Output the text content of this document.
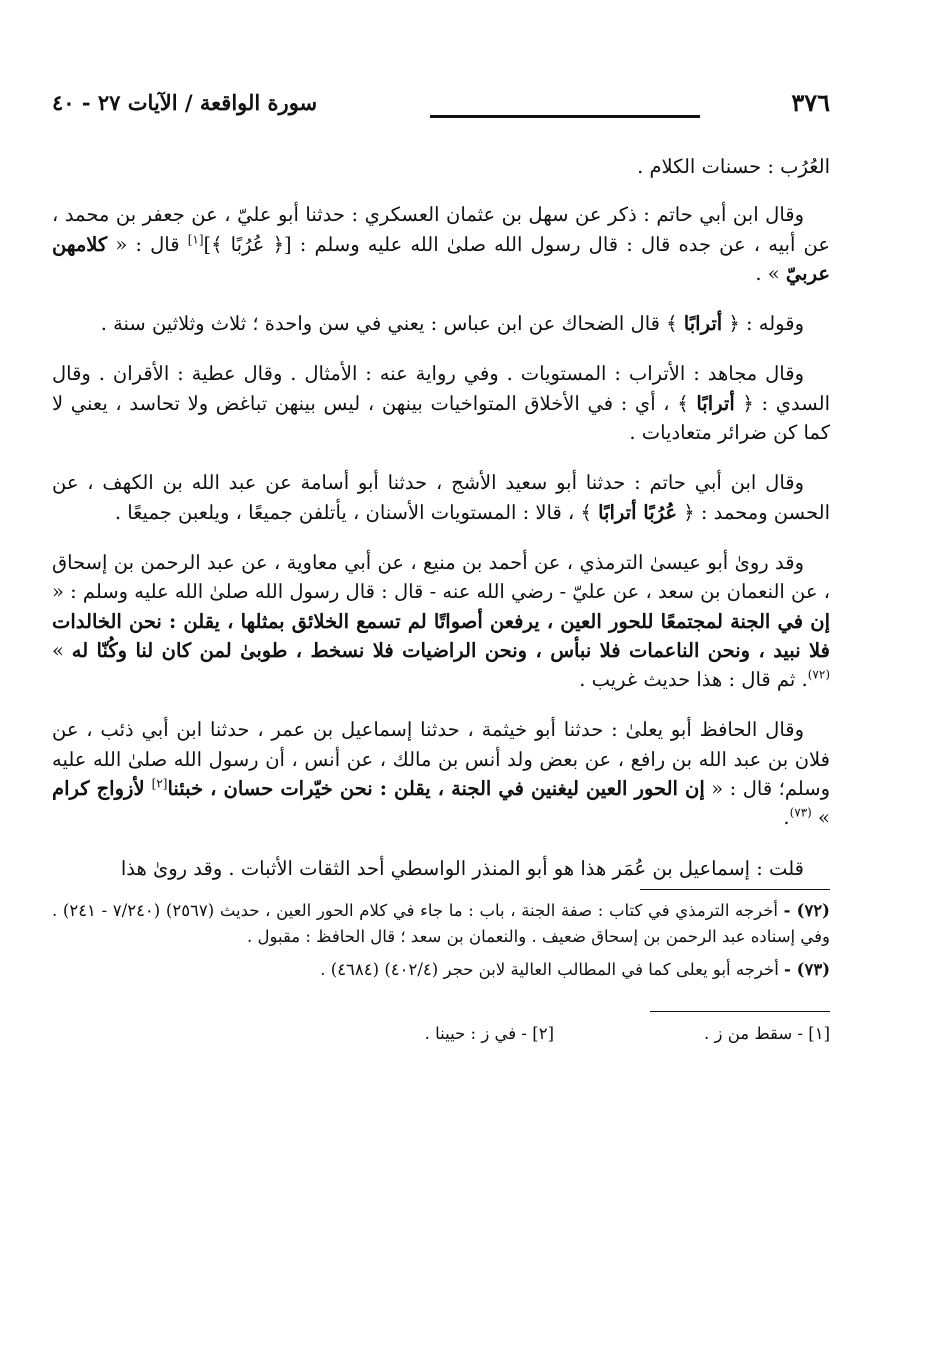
٣٧٦
سورة الواقعة / الآيات ٢٧ - ٤٠

العُرُب : حسنات الكلام .

وقال ابن أبي حاتم : ذكر عن سهل بن عثمان العسكري : حدثنا أبو عليّ ، عن جعفر بن محمد ، عن أبيه ، عن جده قال : قال رسول الله صلىٰ الله عليه وسلم : [﴿ عُرُبًا ﴾][١] قال : « كلامهن عربيّ » .

وقوله : ﴿ أترابًا ﴾ قال الضحاك عن ابن عباس : يعني في سن واحدة ؛ ثلاث وثلاثين سنة .

وقال مجاهد : الأتراب : المستويات . وفي رواية عنه : الأمثال . وقال عطية : الأقران . وقال السدي : ﴿ أترابًا ﴾ ، أي : في الأخلاق المتواخيات بينهن ، ليس بينهن تباغض ولا تحاسد ، يعني لا كما كن ضرائر متعاديات .

وقال ابن أبي حاتم : حدثنا أبو سعيد الأشج ، حدثنا أبو أسامة عن عبد الله بن الكهف ، عن الحسن ومحمد : ﴿ عُرُبًا أترابًا ﴾ ، قالا : المستويات الأسنان ، يأتلفن جميعًا ، ويلعبن جميعًا .

وقد روىٰ أبو عيسىٰ الترمذي ، عن أحمد بن منيع ، عن أبي معاوية ، عن عبد الرحمن بن إسحاق ، عن النعمان بن سعد ، عن عليّ - رضي الله عنه - قال : قال رسول الله صلىٰ الله عليه وسلم : « إن في الجنة لمجتمعًا للحور العين ، يرفعن أصواتًا لم تسمع الخلائق بمثلها ، يقلن : نحن الخالدات فلا نبيد ، ونحن الناعمات فلا نبأس ، ونحن الراضيات فلا نسخط ، طوبىٰ لمن كان لنا وكُنّا له » $^{(٧٢)}$. ثم قال : هذا حديث غريب .

وقال الحافظ أبو يعلىٰ : حدثنا أبو خيثمة ، حدثنا إسماعيل بن عمر ، حدثنا ابن أبي ذئب ، عن فلان بن عبد الله بن رافع ، عن بعض ولد أنس بن مالك ، عن أنس ، أن رسول الله صلىٰ الله عليه وسلم؛ قال : « إن الحور العين ليغنين في الجنة ، يقلن : نحن خيّرات حسان ، خبئنا[٢] لأزواج كرام » $^{(٧٣)}$.

قلت : إسماعيل بن عُمَر هذا هو أبو المنذر الواسطي أحد الثقات الأثبات . وقد روىٰ هذا

(٧٢) - أخرجه الترمذي في كتاب : صفة الجنة ، باب : ما جاء في كلام الحور العين ، حديث (٢٥٦٧) (٧/٢٤٠ - ٢٤١) . وفي إسناده عبد الرحمن بن إسحاق ضعيف . والنعمان بن سعد ؛ قال الحافظ : مقبول .
(٧٣) - أخرجه أبو يعلى كما في المطالب العالية لابن حجر (٤٠٢/٤) (٤٦٨٤) .
[١] - سقط من ز .
[٢] - في ز : حيينا .
